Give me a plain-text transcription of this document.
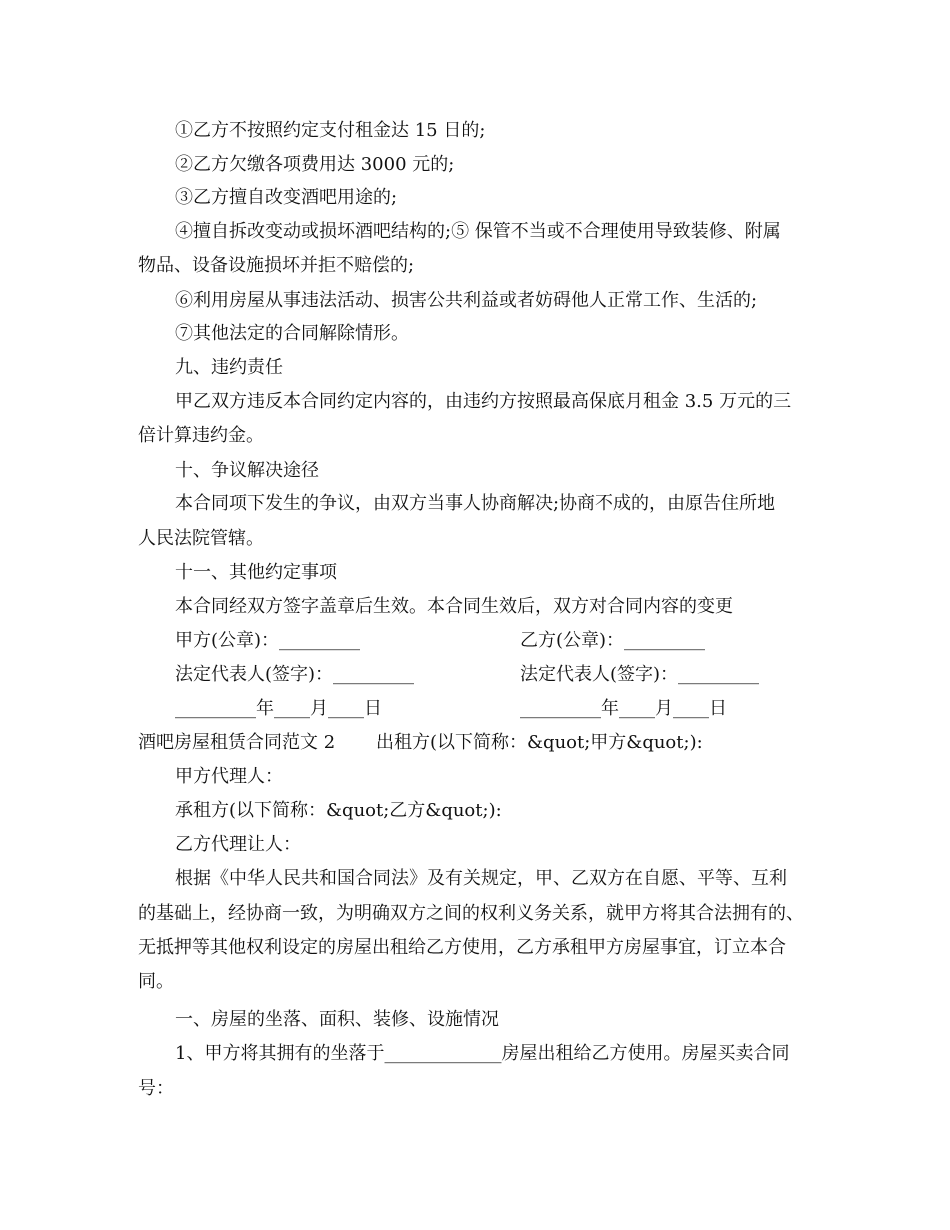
①乙方不按照约定支付租金达 15 日的;
②乙方欠缴各项费用达 3000 元的;
③乙方擅自改变酒吧用途的;
④擅自拆改变动或损坏酒吧结构的;⑤ 保管不当或不合理使用导致装修、附属
物品、设备设施损坏并拒不赔偿的;
⑥利用房屋从事违法活动、损害公共利益或者妨碍他人正常工作、生活的;
⑦其他法定的合同解除情形。
九、违约责任
甲乙双方违反本合同约定内容的，由违约方按照最高保底月租金 3.5 万元的三
倍计算违约金。
十、争议解决途径
本合同项下发生的争议，由双方当事人协商解决;协商不成的，由原告住所地
人民法院管辖。
十一、其他约定事项
本合同经双方签字盖章后生效。本合同生效后，双方对合同内容的变更
甲方(公章)：_________	乙方(公章)：_________
法定代表人(签字)：_________	法定代表人(签字)：_________
_________年____月____日	_________年____月____日
酒吧房屋租赁合同范文 2 出租方(以下简称：&quot;甲方&quot;):
甲方代理人：
承租方(以下简称：&quot;乙方&quot;):
乙方代理让人：
根据《中华人民共和国合同法》及有关规定，甲、乙双方在自愿、平等、互利
的基础上，经协商一致，为明确双方之间的权利义务关系，就甲方将其合法拥有的、
无抵押等其他权利设定的房屋出租给乙方使用，乙方承租甲方房屋事宜，订立本合
同。
一、房屋的坐落、面积、装修、设施情况
1、甲方将其拥有的坐落于_____________房屋出租给乙方使用。房屋买卖合同
号：
